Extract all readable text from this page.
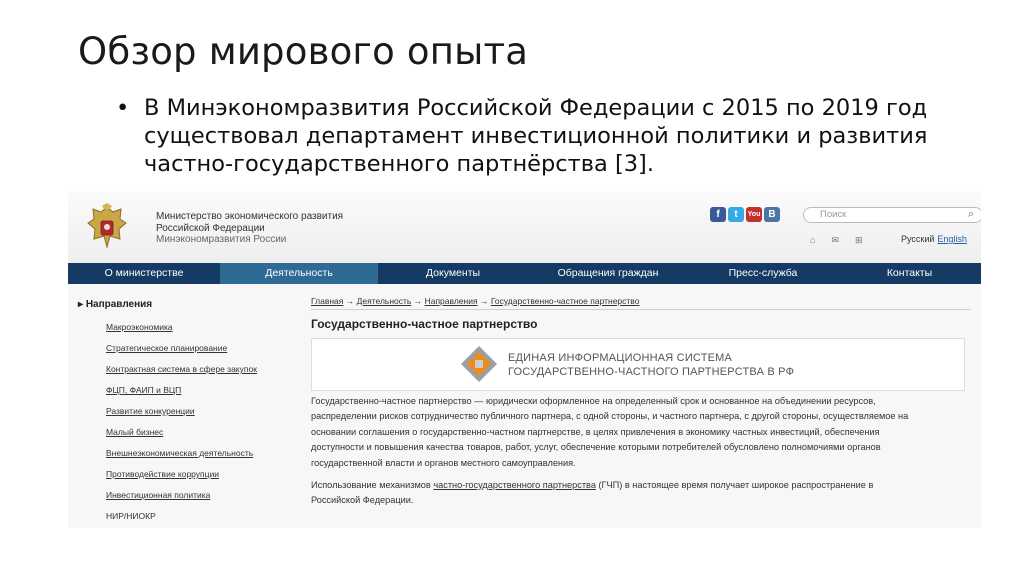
Обзор мирового опыта
• В Минэкономразвития Российской Федерации с 2015 по 2019 год существовал департамент инвестиционной политики и развития частно-государственного партнёрства [3].
Министерство экономического развития
Российской Федерации
Минэкономразвития России
f	t	You B	Поиск	⌕
⌂ ✉ ⊞	Русский English
О министерстве	Деятельность	Документы	Обращения граждан	Пресс-служба	Контакты
▸ Направления
Макроэкономика
Стратегическое планирование
Контрактная система в сфере закупок
ФЦП, ФАИП и ВЦП
Развитие конкуренции
Малый бизнес
Внешнеэкономическая деятельность
Противодействие коррупции
Инвестиционная политика
НИР/НИОКР
Главная → Деятельность → Направления → Государственно-частное партнерство
Государственно-частное партнерство
ЕДИНАЯ ИНФОРМАЦИОННАЯ СИСТЕМА
ГОСУДАРСТВЕННО-ЧАСТНОГО ПАРТНЕРСТВА В РФ
Государственно-частное партнерство — юридически оформленное на определенный срок и основанное на объединении ресурсов,
распределении рисков сотрудничество публичного партнера, с одной стороны, и частного партнера, с другой стороны, осуществляемое на
основании соглашения о государственно-частном партнерстве, в целях привлечения в экономику частных инвестиций, обеспечения
доступности и повышения качества товаров, работ, услуг, обеспечение которыми потребителей обусловлено полномочиями органов
государственной власти и органов местного самоуправления.
Использование механизмов частно-государственного партнерства (ГЧП) в настоящее время получает широкое распространение в
Российской Федерации.
